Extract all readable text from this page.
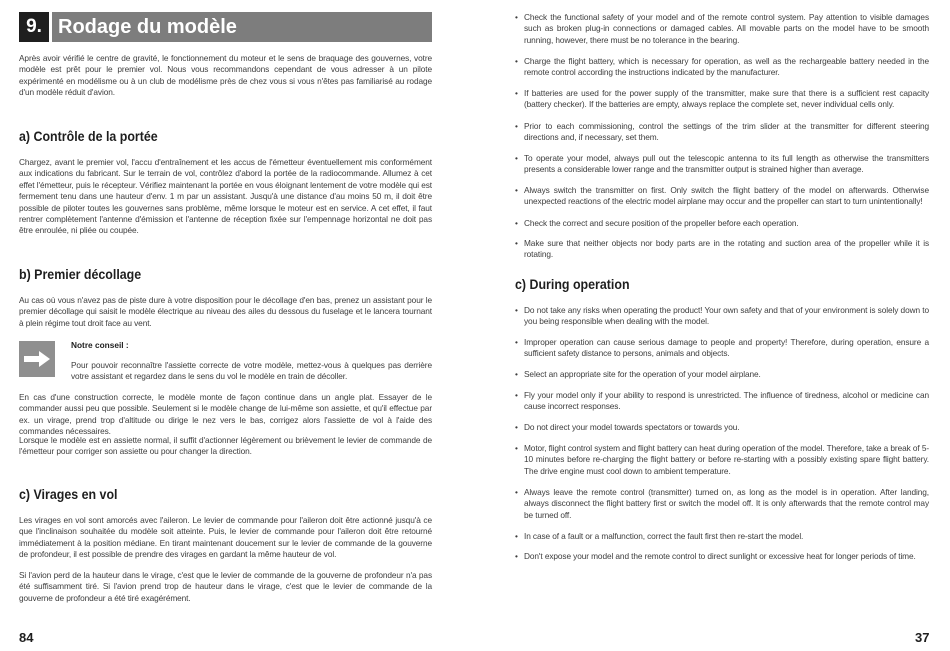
9. Rodage du modèle

Après avoir vérifié le centre de gravité, le fonctionnement du moteur et le sens de braquage des gouvernes, votre modèle est prêt pour le premier vol. Nous vous recommandons cependant de vous adresser à un pilote expérimenté en modélisme ou à un club de modélisme près de chez vous si vous n'êtes pas familiarisé au rodage d'un modèle réduit d'avion.

a) Contrôle de la portée

Chargez, avant le premier vol, l'accu d'entraînement et les accus de l'émetteur éventuellement mis conformément aux indications du fabricant. Sur le terrain de vol, contrôlez d'abord la portée de la radiocommande. Allumez à cet effet l'émetteur, puis le récepteur. Vérifiez maintenant la portée en vous éloignant lentement de votre modèle qui est fermement tenu dans une hauteur d'env. 1 m par un assistant. Jusqu'à une distance d'au moins 50 m, il doit être possible de piloter toutes les gouvernes sans problème, même lorsque le moteur est en service. A cet effet, il faut rentrer complètement l'antenne d'émission et l'antenne de réception fixée sur l'empennage horizontal ne doit pas être enroulée, ni pliée ou coupée.

b) Premier décollage

Au cas où vous n'avez pas de piste dure à votre disposition pour le décollage d'en bas, prenez un assistant pour le premier décollage qui saisit le modèle électrique au niveau des ailes du dessous du fuselage et le lancera tournant à plein régime tout droit face au vent.

Notre conseil :

Pour pouvoir reconnaître l'assiette correcte de votre modèle, mettez-vous à quelques pas derrière votre assistant et regardez dans le sens du vol le modèle en train de décoller.

En cas d'une construction correcte, le modèle monte de façon continue dans un angle plat. Essayer de le commander aussi peu que possible. Seulement si le modèle change de lui-même son assiette, et qu'il effectue par ex. un virage, prend trop d'altitude ou dirige le nez vers le bas, corrigez alors l'assiette de vol à l'aide des commandes nécessaires.

Lorsque le modèle est en assiette normal, il suffit d'actionner légèrement ou brièvement le levier de commande de l'émetteur pour corriger son assiette ou pour changer la direction.

c) Virages en vol

Les virages en vol sont amorcés avec l'aileron. Le levier de commande pour l'aileron doit être actionné jusqu'à ce que l'inclinaison souhaitée du modèle soit atteinte. Puis, le levier de commande pour l'aileron doit être retourné immédiatement à la position médiane. En tirant maintenant doucement sur le levier de commande de la gouverne de profondeur, il est possible de prendre des virages en gardant la même hauteur de vol.

Si l'avion perd de la hauteur dans le virage, c'est que le levier de commande de la gouverne de profondeur n'a pas été suffisamment tiré. Si l'avion prend trop de hauteur dans le virage, c'est que le levier de commande de la gouverne de profondeur a été tiré exagérément.

84

• Check the functional safety of your model and of the remote control system. Pay attention to visible damages such as broken plug-in connections or damaged cables. All movable parts on the model have to be smooth running, however, there must be no tolerance in the bearing.
• Charge the flight battery, which is necessary for operation, as well as the rechargeable battery needed in the remote control according the instructions indicated by the manufacturer.
• If batteries are used for the power supply of the transmitter, make sure that there is a sufficient rest capacity (battery checker). If the batteries are empty, always replace the complete set, never individual cells only.
• Prior to each commissioning, control the settings of the trim slider at the transmitter for different steering directions and, if necessary, set them.
• To operate your model, always pull out the telescopic antenna to its full length as otherwise the transmitters presents a considerable lower range and the transmitter output is strained higher than average.
• Always switch the transmitter on first. Only switch the flight battery of the model on afterwards. Otherwise unexpected reactions of the electric model airplane may occur and the propeller can start to turn unintentionally!
• Check the correct and secure position of the propeller before each operation.
• Make sure that neither objects nor body parts are in the rotating and suction area of the propeller while it is rotating.
c) During operation
• Do not take any risks when operating the product! Your own safety and that of your environment is solely down to you being responsible when dealing with the model.
• Improper operation can cause serious damage to people and property! Therefore, during operation, ensure a sufficient safety distance to persons, animals and objects.
• Select an appropriate site for the operation of your model airplane.
• Fly your model only if your ability to respond is unrestricted. The influence of tiredness, alcohol or medicine can cause incorrect responses.
• Do not direct your model towards spectators or towards you.
• Motor, flight control system and flight battery can heat during operation of the model. Therefore, take a break of 5-10 minutes before re-charging the flight battery or before re-starting with a possibly existing spare flight battery. The drive engine must cool down to ambient temperature.
• Always leave the remote control (transmitter) turned on, as long as the model is in operation. After landing, always disconnect the flight battery first or switch the model off. It is only afterwards that the remote control may be turned off.
• In case of a fault or a malfunction, correct the fault first then re-start the model.
• Don't expose your model and the remote control to direct sunlight or excessive heat for longer periods of time.

37
